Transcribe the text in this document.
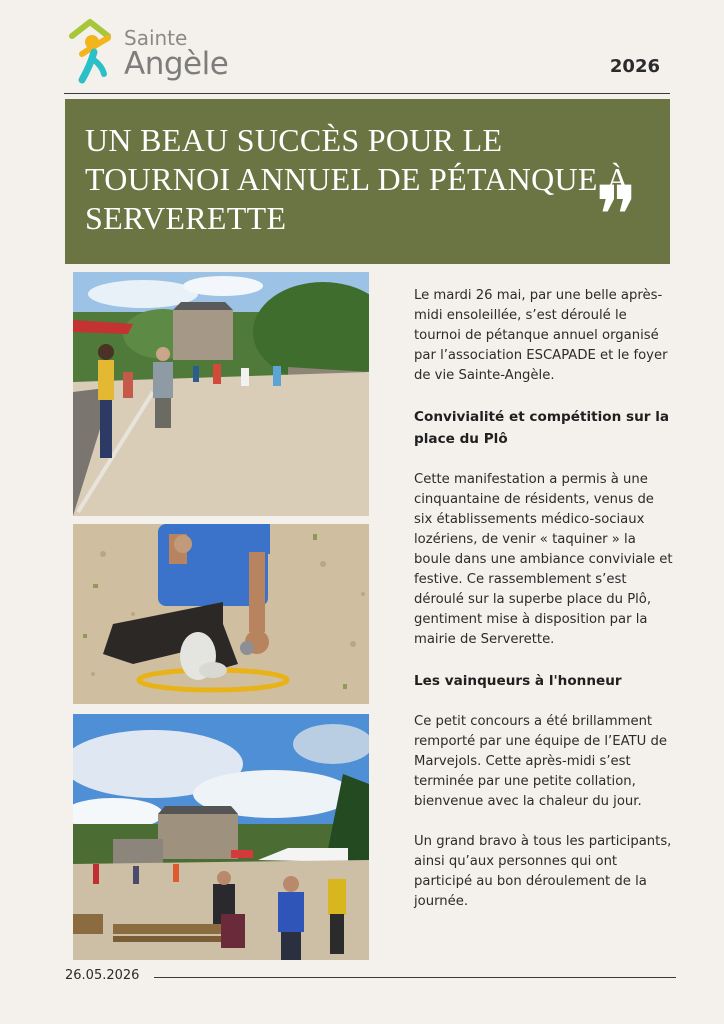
Sainte
Angèle	2026
UN BEAU SUCCÈS POUR LE TOURNOI ANNUEL DE PÉTANQUE À SERVERETTE	❞

Le mardi 26 mai, par une belle après-midi ensoleillée, s’est déroulé le tournoi de pétanque annuel organisé par l’association ESCAPADE et le foyer de vie Sainte-Angèle.

Convivialité et compétition sur la place du Plô

Cette manifestation a permis à une cinquantaine de résidents, venus de six établissements médico-sociaux lozériens, de venir « taquiner » la boule dans une ambiance conviviale et festive. Ce rassemblement s’est déroulé sur la superbe place du Plô, gentiment mise à disposition par la mairie de Serverette.

Les vainqueurs à l'honneur

Ce petit concours a été brillamment remporté par une équipe de l’EATU de Marvejols. Cette après-midi s’est terminée par une petite collation, bienvenue avec la chaleur du jour.

Un grand bravo à tous les participants, ainsi qu’aux personnes qui ont participé au bon déroulement de la journée.

26.05.2026
